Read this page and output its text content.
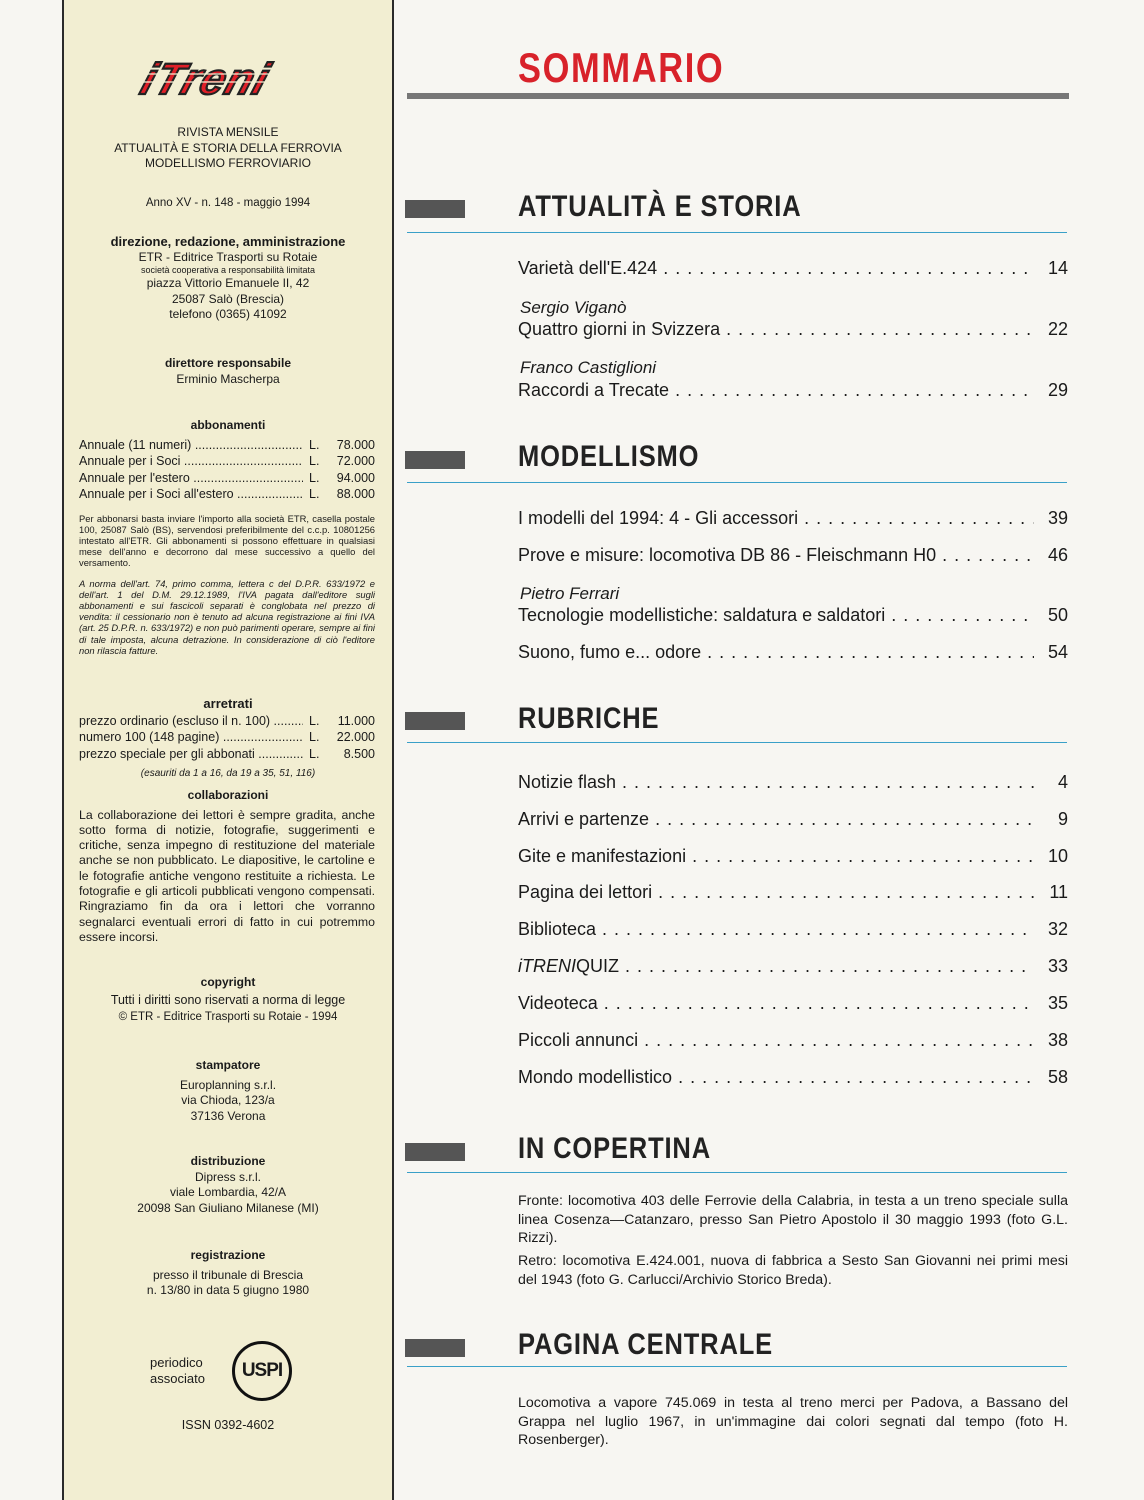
iTreni
RIVISTA MENSILE
ATTUALITÀ E STORIA DELLA FERROVIA
MODELLISMO FERROVIARIO
Anno XV - n. 148 - maggio 1994
direzione, redazione, amministrazione
ETR - Editrice Trasporti su Rotaie
società cooperativa a responsabilità limitata
piazza Vittorio Emanuele II, 42
25087 Salò (Brescia)
telefono (0365) 41092
direttore responsabile
Erminio Mascherpa
abbonamenti
Annuale (11 numeri) .....	L.	78.000
Annuale per i Soci .....	L.	72.000
Annuale per l'estero .....	L.	94.000
Annuale per i Soci all'estero .....	L.	88.000
Per abbonarsi basta inviare l'importo alla società ETR, casella postale 100, 25087 Salò (BS), servendosi preferibilmente del c.c.p. 10801256 intestato all'ETR. Gli abbonamenti si possono effettuare in qualsiasi mese dell'anno e decorrono dal mese successivo a quello del versamento.
A norma dell'art. 74, primo comma, lettera c del D.P.R. 633/1972 e dell'art. 1 del D.M. 29.12.1989, l'IVA pagata dall'editore sugli abbonamenti e sui fascicoli separati è conglobata nel prezzo di vendita: il cessionario non è tenuto ad alcuna registrazione ai fini IVA (art. 25 D.P.R. n. 633/1972) e non può parimenti operare, sempre ai fini di tale imposta, alcuna detrazione. In considerazione di ciò l'editore non rilascia fatture.
arretrati
prezzo ordinario (escluso il n. 100) .....	L.	11.000
numero 100 (148 pagine) .....	L.	22.000
prezzo speciale per gli abbonati .....	L.	8.500
(esauriti da 1 a 16, da 19 a 35, 51, 116)
collaborazioni
La collaborazione dei lettori è sempre gradita, anche sotto forma di notizie, fotografie, suggerimenti e critiche, senza impegno di restituzione del materiale anche se non pubblicato. Le diapositive, le cartoline e le fotografie antiche vengono restituite a richiesta. Le fotografie e gli articoli pubblicati vengono compensati. Ringraziamo fin da ora i lettori che vorranno segnalarci eventuali errori di fatto in cui potremmo essere incorsi.
copyright
Tutti i diritti sono riservati a norma di legge
© ETR - Editrice Trasporti su Rotaie - 1994
stampatore
Europlanning s.r.l.
via Chioda, 123/a
37136 Verona
distribuzione
Dipress s.r.l.
viale Lombardia, 42/A
20098 San Giuliano Milanese (MI)
registrazione
presso il tribunale di Brescia
n. 13/80 in data 5 giugno 1980
periodico
associato	USPI
ISSN 0392-4602
SOMMARIO
ATTUALITÀ E STORIA
Varietà dell'E.424 . . .	14
Sergio Viganò
Quattro giorni in Svizzera . . .	22
Franco Castiglioni
Raccordi a Trecate . . .	29
MODELLISMO
I modelli del 1994: 4 - Gli accessori . . .	39
Prove e misure: locomotiva DB 86 - Fleischmann H0 . . .	46
Pietro Ferrari
Tecnologie modellistiche: saldatura e saldatori . . .	50
Suono, fumo e... odore . . .	54
RUBRICHE
Notizie flash . . .	4
Arrivi e partenze . . .	9
Gite e manifestazioni . . .	10
Pagina dei lettori . . .	11
Biblioteca . . .	32
iTRENIQUIZ . . .	33
Videoteca . . .	35
Piccoli annunci . . .	38
Mondo modellistico . . .	58
IN COPERTINA
Fronte: locomotiva 403 delle Ferrovie della Calabria, in testa a un treno speciale sulla linea Cosenza—Catanzaro, presso San Pietro Apostolo il 30 maggio 1993 (foto G.L. Rizzi).
Retro: locomotiva E.424.001, nuova di fabbrica a Sesto San Giovanni nei primi mesi del 1943 (foto G. Carlucci/Archivio Storico Breda).
PAGINA CENTRALE
Locomotiva a vapore 745.069 in testa al treno merci per Padova, a Bassano del Grappa nel luglio 1967, in un'immagine dai colori segnati dal tempo (foto H. Rosenberger).
